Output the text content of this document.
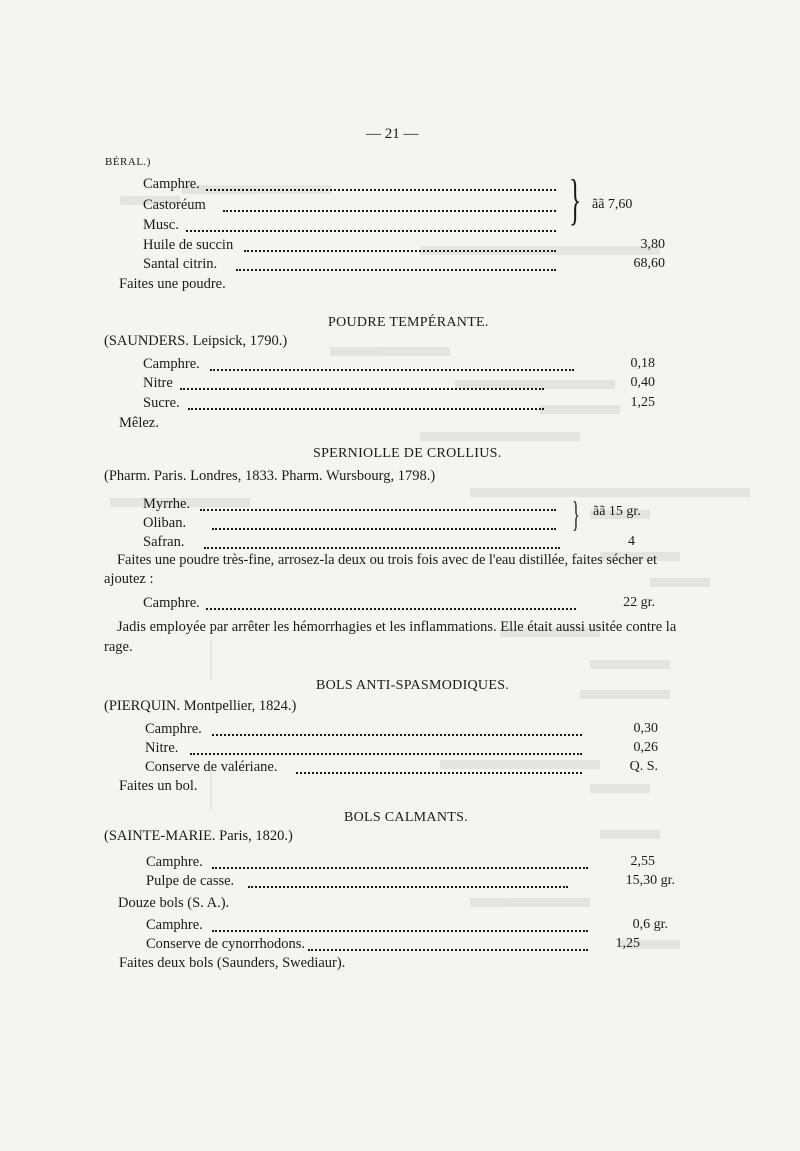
— 21 —
BÉRAL.)
Camphre.
Castoréum
Musc.	} ãã 7,60
Huile de succin	3,80
Santal citrin.	68,60
Faites une poudre.
POUDRE TEMPÉRANTE.
(SAUNDERS. Leipsick, 1790.)
Camphre.	0,18
Nitre	0,40
Sucre.	1,25
Mêlez.
SPERNIOLLE DE CROLLIUS.
(Pharm. Paris. Londres, 1833. Pharm. Wursbourg, 1798.)
Myrrhe.
Oliban.	} ãã 15 gr.
Safran.	4
Faites une poudre très-fine, arrosez-la deux ou trois fois avec de l'eau distillée, faites sécher et
ajoutez :
Camphre.	22 gr.
Jadis employée par arrêter les hémorrhagies et les inflammations. Elle était aussi usitée contre la
rage.
BOLS ANTI-SPASMODIQUES.
(PIERQUIN. Montpellier, 1824.)
Camphre.	0,30
Nitre.	0,26
Conserve de valériane.	Q. S.
Faites un bol.
BOLS CALMANTS.
(SAINTE-MARIE. Paris, 1820.)
Camphre.	2,55
Pulpe de casse.	15,30 gr.
Douze bols (S. A.).
Camphre.	0,6 gr.
Conserve de cynorrhodons.	1,25
Faites deux bols (Saunders, Swediaur).
